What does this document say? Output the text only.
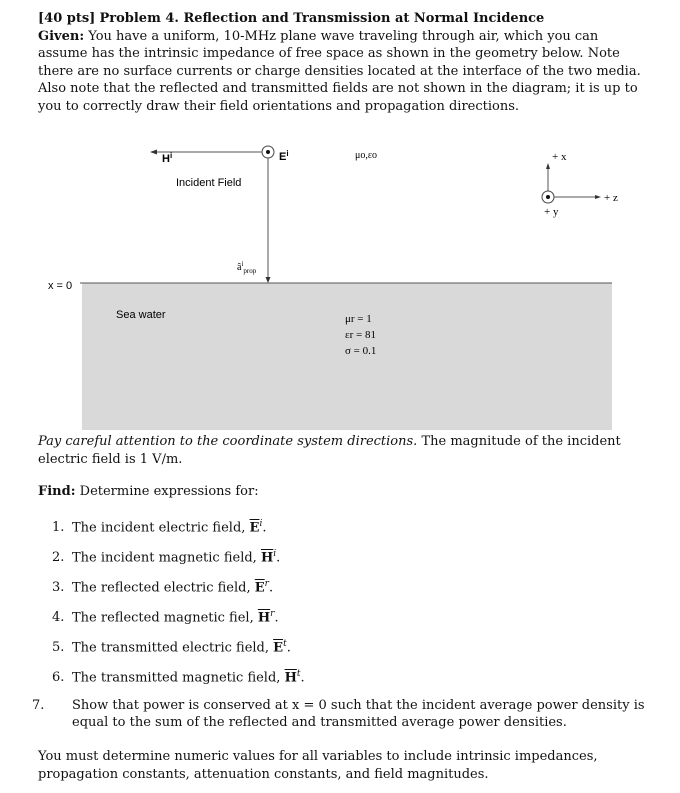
[40 pts] Problem 4. Reflection and Transmission at Normal Incidence
Given: You have a uniform, 10-MHz plane wave traveling through air, which you can assume has the intrinsic impedance of free space as shown in the geometry below. Note there are no surface currents or charge densities located at the interface of the two media. Also note that the reflected and transmitted fields are not shown in the diagram; it is up to you to correctly draw their field orientations and propagation directions.
x = 0
$H^i$	$E^i$
Incident Field
$â^i_{prop}$
μo,εo	+ x
+ z
+ y
Sea water	μr = 1
εr = 81
σ = 0.1
Pay careful attention to the coordinate system directions. The magnitude of the incident electric field is 1 V/m.
Find: Determine expressions for:
1. The incident electric field, $\overline{E}^i$.
2. The incident magnetic field, $\overline{H}^i$.
3. The reflected electric field, $\overline{E}^r$.
4. The reflected magnetic fiel, $\overline{H}^r$.
5. The transmitted electric field, $\overline{E}^t$.
6. The transmitted magnetic field, $\overline{H}^t$.
7. Show that power is conserved at x = 0 such that the incident average power density is equal to the sum of the reflected and transmitted average power densities.
You must determine numeric values for all variables to include intrinsic impedances, propagation constants, attenuation constants, and field magnitudes.
